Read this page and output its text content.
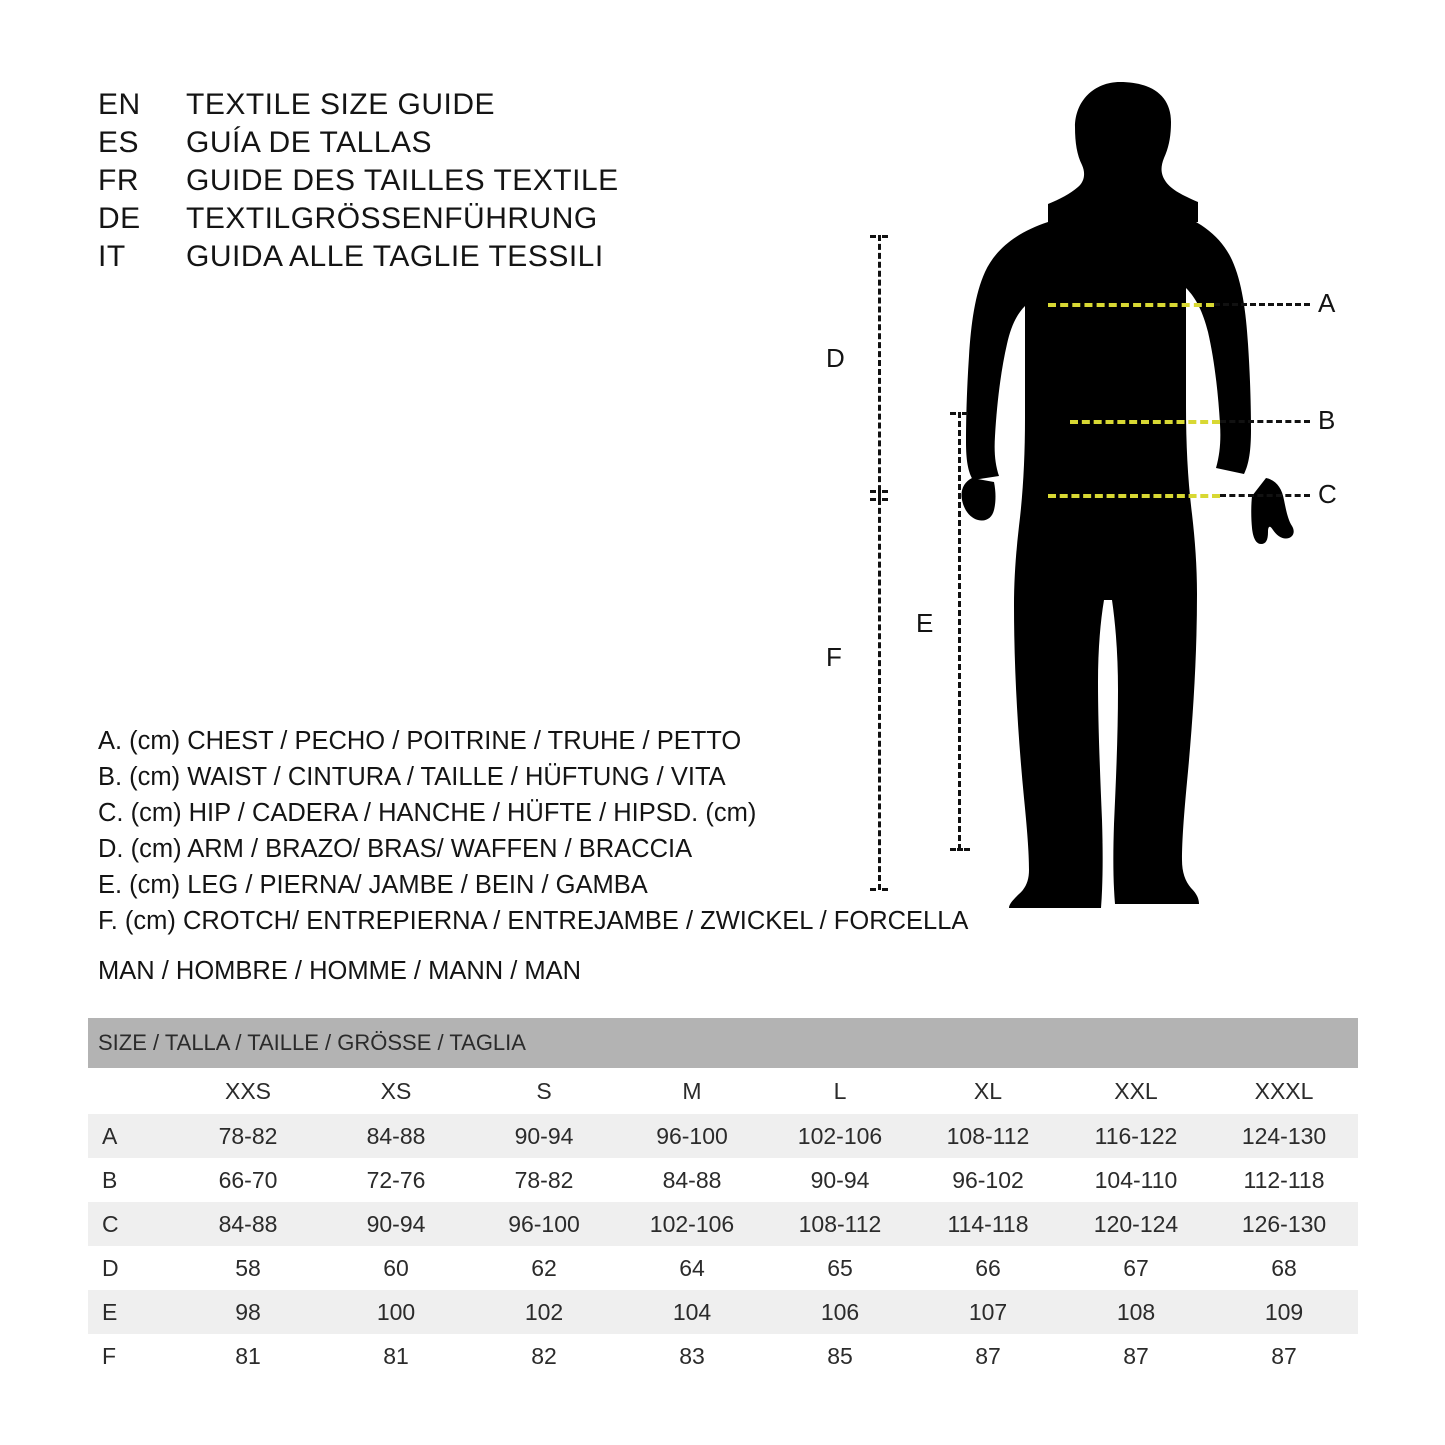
EN	TEXTILE SIZE GUIDE
ES	GUÍA DE TALLAS
FR	GUIDE DES TAILLES TEXTILE
DE	TEXTILGRÖSSENFÜHRUNG
IT	GUIDA ALLE TAGLIE TESSILI
A. (cm) CHEST / PECHO / POITRINE / TRUHE / PETTO
B. (cm) WAIST / CINTURA / TAILLE / HÜFTUNG / VITA
C. (cm) HIP / CADERA / HANCHE / HÜFTE / HIPSD. (cm)
D. (cm) ARM / BRAZO/ BRAS/ WAFFEN / BRACCIA
E. (cm) LEG / PIERNA/ JAMBE / BEIN / GAMBA
F. (cm) CROTCH/ ENTREPIERNA / ENTREJAMBE / ZWICKEL / FORCELLA
MAN / HOMBRE / HOMME / MANN / MAN
A
B
C
D
F
E
SIZE / TALLA / TAILLE / GRÖSSE / TAGLIA								
	XXS	XS	S	M	L	XL	XXL	XXXL
A	78-82	84-88	90-94	96-100	102-106	108-112	116-122	124-130
B	66-70	72-76	78-82	84-88	90-94	96-102	104-110	112-118
C	84-88	90-94	96-100	102-106	108-112	114-118	120-124	126-130
D	58	60	62	64	65	66	67	68
E	98	100	102	104	106	107	108	109
F	81	81	82	83	85	87	87	87
